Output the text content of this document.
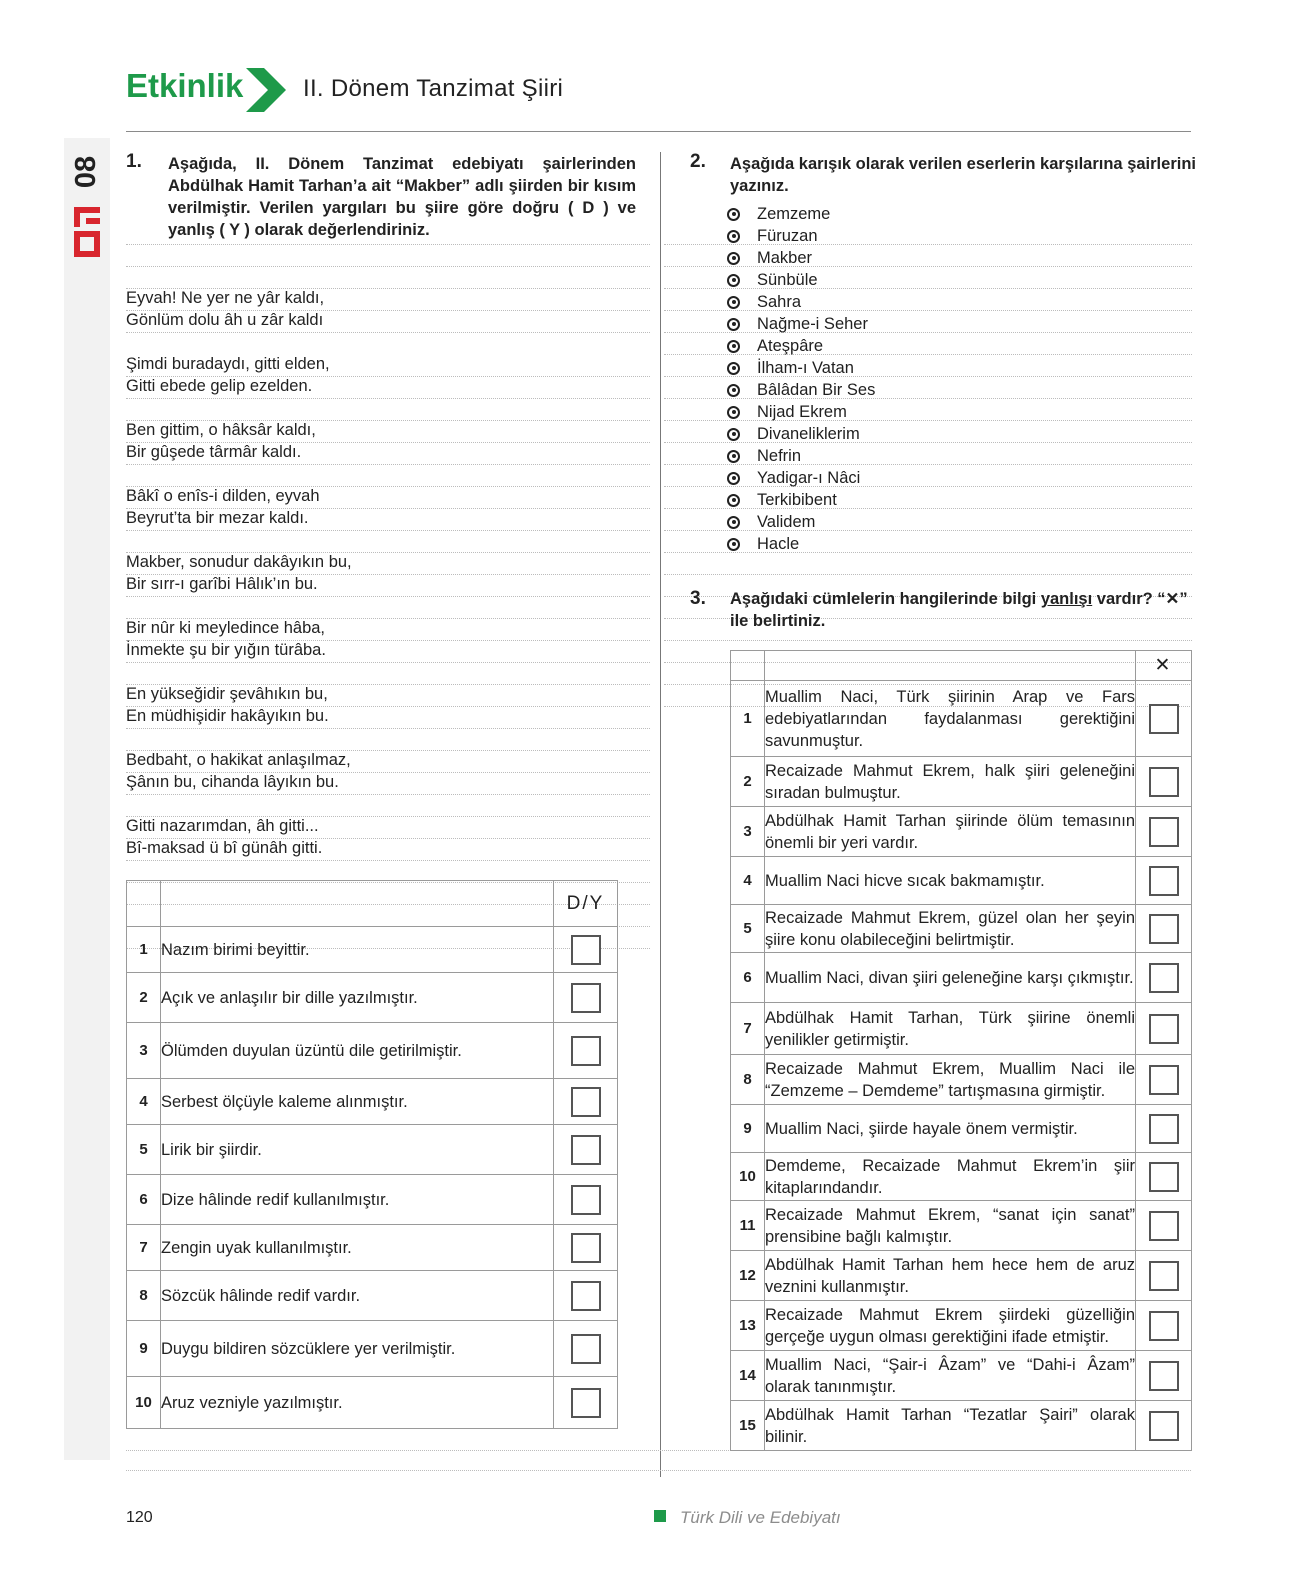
08
Etkinlik II. Dönem Tanzimat Şiiri
1. Aşağıda, II. Dönem Tanzimat edebiyatı şairlerinden Abdülhak Hamit Tarhan’a ait “Makber” adlı şiirden bir kısım verilmiştir. Verilen yargıları bu şiire göre doğru ( D ) ve yanlış ( Y ) olarak değerlendiriniz.
Eyvah! Ne yer ne yâr kaldı,
Gönlüm dolu âh u zâr kaldı
Şimdi buradaydı, gitti elden,
Gitti ebede gelip ezelden.
Ben gittim, o hâksâr kaldı,
Bir gûşede târmâr kaldı.
Bâkî o enîs-i dilden, eyvah
Beyrut’ta bir mezar kaldı.
Makber, sonudur dakâyıkın bu,
Bir sırr-ı garîbi Hâlık’ın bu.
Bir nûr ki meyledince hâba,
İnmekte şu bir yığın türâba.
En yükseğidir şevâhıkın bu,
En müdhişidir hakâyıkın bu.
Bedbaht, o hakikat anlaşılmaz,
Şânın bu, cihanda lâyıkın bu.
Gitti nazarımdan, âh gitti...
Bî-maksad ü bî günâh gitti.
		D/Y
1	Nazım birimi beyittir.	
2	Açık ve anlaşılır bir dille yazılmıştır.	
3	Ölümden duyulan üzüntü dile getirilmiştir.	
4	Serbest ölçüyle kaleme alınmıştır.	
5	Lirik bir şiirdir.	
6	Dize hâlinde redif kullanılmıştır.	
7	Zengin uyak kullanılmıştır.	
8	Sözcük hâlinde redif vardır.	
9	Duygu bildiren sözcüklere yer verilmiştir.	
10	Aruz vezniyle yazılmıştır.	
2. Aşağıda karışık olarak verilen eserlerin karşılarına şairlerini yazınız.
Zemzeme
Füruzan
Makber
Sünbüle
Sahra
Nağme-i Seher
Ateşpâre
İlham-ı Vatan
Bâlâdan Bir Ses
Nijad Ekrem
Divaneliklerim
Nefrin
Yadigar-ı Nâci
Terkibibent
Validem
Hacle
3. Aşağıdaki cümlelerin hangilerinde bilgi yanlışı vardır? “✕” ile belirtiniz.
		✕
1	Muallim Naci, Türk şiirinin Arap ve Fars edebiyatlarından faydalanması gerektiğini savunmuştur.	
2	Recaizade Mahmut Ekrem, halk şiiri geleneğini sıradan bulmuştur.	
3	Abdülhak Hamit Tarhan şiirinde ölüm temasının önemli bir yeri vardır.	
4	Muallim Naci hicve sıcak bakmamıştır.	
5	Recaizade Mahmut Ekrem, güzel olan her şeyin şiire konu olabileceğini belirtmiştir.	
6	Muallim Naci, divan şiiri geleneğine karşı çıkmıştır.	
7	Abdülhak Hamit Tarhan, Türk şiirine önemli yenilikler getirmiştir.	
8	Recaizade Mahmut Ekrem, Muallim Naci ile “Zemzeme – Demdeme” tartışmasına girmiştir.	
9	Muallim Naci, şiirde hayale önem vermiştir.	
10	Demdeme, Recaizade Mahmut Ekrem’in şiir kitaplarındandır.	
11	Recaizade Mahmut Ekrem, “sanat için sanat” prensibine bağlı kalmıştır.	
12	Abdülhak Hamit Tarhan hem hece hem de aruz veznini kullanmıştır.	
13	Recaizade Mahmut Ekrem şiirdeki güzelliğin gerçeğe uygun olması gerektiğini ifade etmiştir.	
14	Muallim Naci, “Şair-i Âzam” ve “Dahi-i Âzam” olarak tanınmıştır.	
15	Abdülhak Hamit Tarhan “Tezatlar Şairi” olarak bilinir.	
120	Türk Dili ve Edebiyatı
